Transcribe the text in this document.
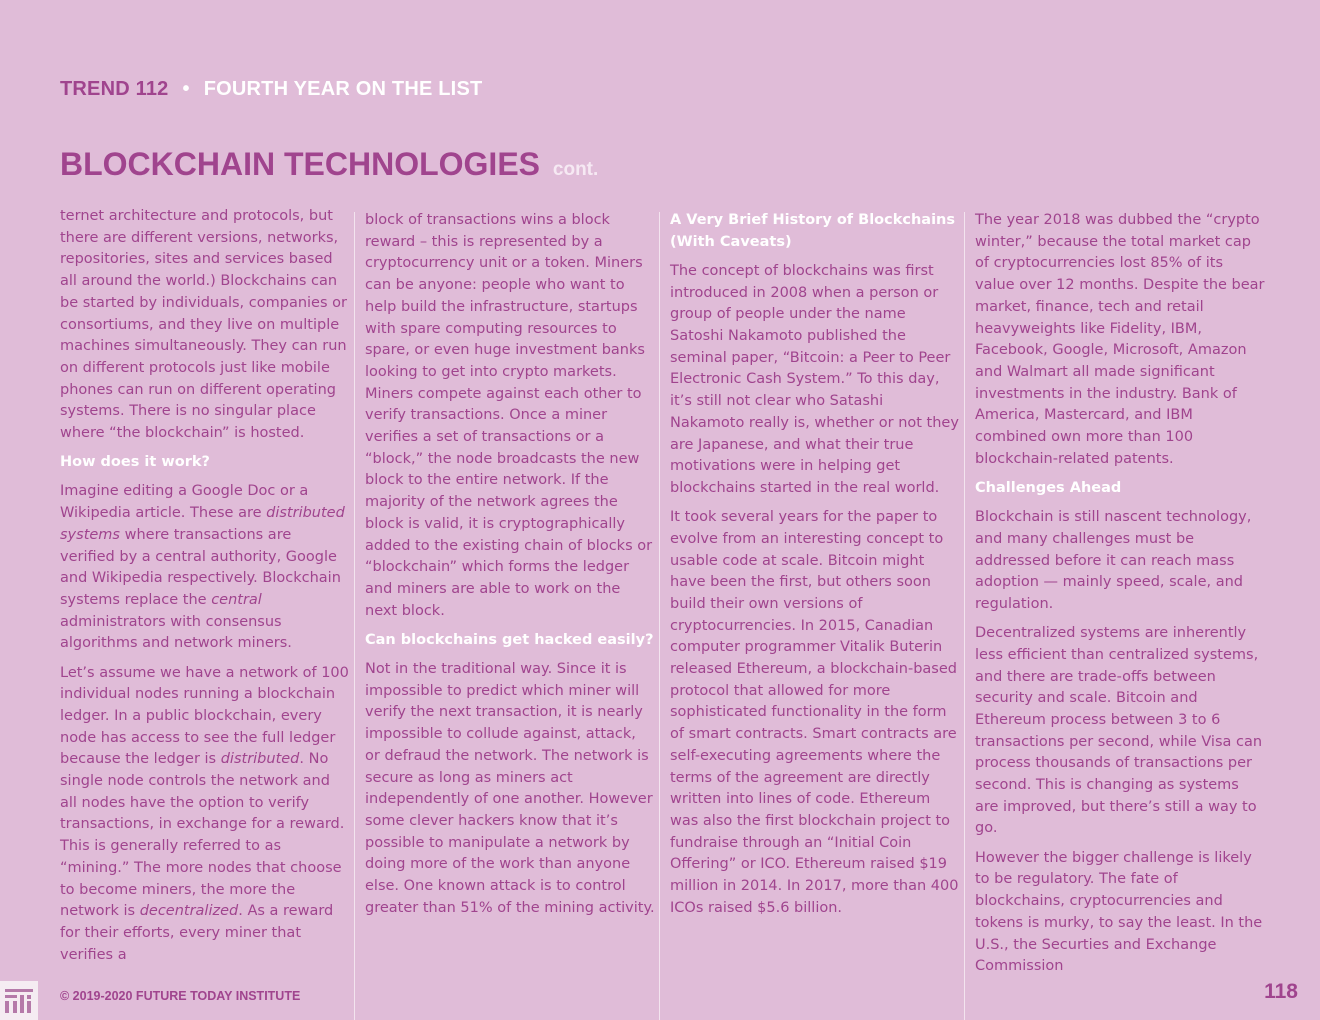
TREND 112 • FOURTH YEAR ON THE LIST
BLOCKCHAIN TECHNOLOGIES cont.

ternet architecture and protocols, but there are different versions, networks, repositories, sites and services based all around the world.) Blockchains can be started by individuals, companies or consortiums, and they live on multiple machines simultaneously. They can run on different protocols just like mobile phones can run on different operating systems. There is no singular place where “the blockchain” is hosted.

How does it work?

Imagine editing a Google Doc or a Wikipedia article. These are distributed systems where transactions are verified by a central authority, Google and Wikipedia respectively. Blockchain systems replace the central administrators with consensus algorithms and network miners.

Let’s assume we have a network of 100 individual nodes running a blockchain ledger. In a public blockchain, every node has access to see the full ledger because the ledger is distributed. No single node controls the network and all nodes have the option to verify transactions, in exchange for a reward. This is generally referred to as “mining.” The more nodes that choose to become miners, the more the network is decentralized. As a reward for their efforts, every miner that verifies a

block of transactions wins a block reward – this is represented by a cryptocurrency unit or a token. Miners can be anyone: people who want to help build the infrastructure, startups with spare computing resources to spare, or even huge investment banks looking to get into crypto markets. Miners compete against each other to verify transactions. Once a miner verifies a set of transactions or a “block,” the node broadcasts the new block to the entire network. If the majority of the network agrees the block is valid, it is cryptographically added to the existing chain of blocks or “blockchain” which forms the ledger and miners are able to work on the next block.

Can blockchains get hacked easily?

Not in the traditional way. Since it is impossible to predict which miner will verify the next transaction, it is nearly impossible to collude against, attack, or defraud the network. The network is secure as long as miners act independently of one another. However some clever hackers know that it’s possible to manipulate a network by doing more of the work than anyone else. One known attack is to control greater than 51% of the mining activity.

A Very Brief History of Blockchains (With Caveats)

The concept of blockchains was first introduced in 2008 when a person or group of people under the name Satoshi Nakamoto published the seminal paper, “Bitcoin: a Peer to Peer Electronic Cash System.” To this day, it’s still not clear who Satashi Nakamoto really is, whether or not they are Japanese, and what their true motivations were in helping get blockchains started in the real world.

It took several years for the paper to evolve from an interesting concept to usable code at scale. Bitcoin might have been the first, but others soon build their own versions of cryptocurrencies. In 2015, Canadian computer programmer Vitalik Buterin released Ethereum, a blockchain-based protocol that allowed for more sophisticated functionality in the form of smart contracts. Smart contracts are self-executing agreements where the terms of the agreement are directly written into lines of code. Ethereum was also the first blockchain project to fundraise through an “Initial Coin Offering” or ICO. Ethereum raised $19 million in 2014. In 2017, more than 400 ICOs raised $5.6 billion.

The year 2018 was dubbed the “crypto winter,” because the total market cap of cryptocurrencies lost 85% of its value over 12 months. Despite the bear market, finance, tech and retail heavyweights like Fidelity, IBM, Facebook, Google, Microsoft, Amazon and Walmart all made significant investments in the industry. Bank of America, Mastercard, and IBM combined own more than 100 blockchain-related patents.

Challenges Ahead

Blockchain is still nascent technology, and many challenges must be addressed before it can reach mass adoption — mainly speed, scale, and regulation.

Decentralized systems are inherently less efficient than centralized systems, and there are trade-offs between security and scale. Bitcoin and Ethereum process between 3 to 6 transactions per second, while Visa can process thousands of transactions per second. This is changing as systems are improved, but there’s still a way to go.

However the bigger challenge is likely to be regulatory. The fate of blockchains, cryptocurrencies and tokens is murky, to say the least. In the U.S., the Securties and Exchange Commission

© 2019-2020 FUTURE TODAY INSTITUTE	118
